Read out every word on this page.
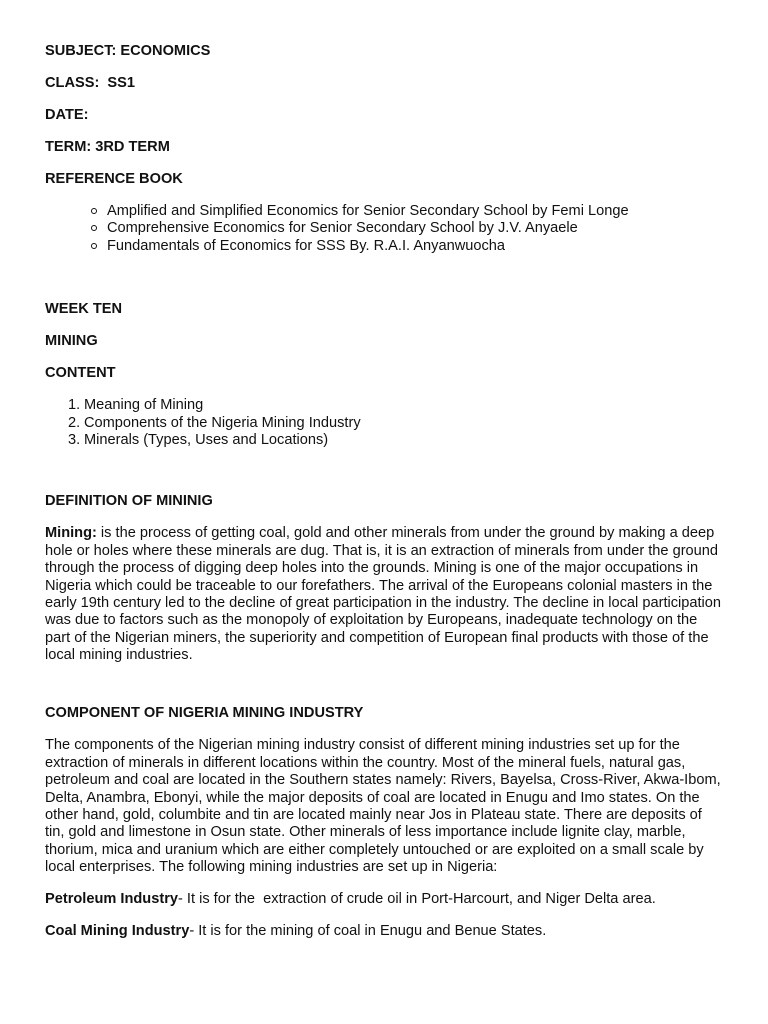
SUBJECT: ECONOMICS
CLASS:  SS1
DATE:
TERM: 3RD TERM
REFERENCE BOOK
Amplified and Simplified Economics for Senior Secondary School by Femi Longe
Comprehensive Economics for Senior Secondary School by J.V. Anyaele
Fundamentals of Economics for SSS By. R.A.I. Anyanwuocha
WEEK TEN
MINING
CONTENT
1. Meaning of Mining
2. Components of the Nigeria Mining Industry
3. Minerals (Types, Uses and Locations)
DEFINITION OF MININIG

Mining: is the process of getting coal, gold and other minerals from under the ground by making a deep hole or holes where these minerals are dug. That is, it is an extraction of minerals from under the ground through the process of digging deep holes into the grounds. Mining is one of the major occupations in Nigeria which could be traceable to our forefathers. The arrival of the Europeans colonial masters in the early 19th century led to the decline of great participation in the industry. The decline in local participation was due to factors such as the monopoly of exploitation by Europeans, inadequate technology on the part of the Nigerian miners, the superiority and competition of European final products with those of the local mining industries.

COMPONENT OF NIGERIA MINING INDUSTRY

The components of the Nigerian mining industry consist of different mining industries set up for the extraction of minerals in different locations within the country. Most of the mineral fuels, natural gas, petroleum and coal are located in the Southern states namely: Rivers, Bayelsa, Cross-River, Akwa-Ibom, Delta, Anambra, Ebonyi, while the major deposits of coal are located in Enugu and Imo states. On the other hand, gold, columbite and tin are located mainly near Jos in Plateau state. There are deposits of tin, gold and limestone in Osun state. Other minerals of less importance include lignite clay, marble, thorium, mica and uranium which are either completely untouched or are exploited on a small scale by local enterprises. The following mining industries are set up in Nigeria:

Petroleum Industry- It is for the  extraction of crude oil in Port-Harcourt, and Niger Delta area.

Coal Mining Industry- It is for the mining of coal in Enugu and Benue States.
